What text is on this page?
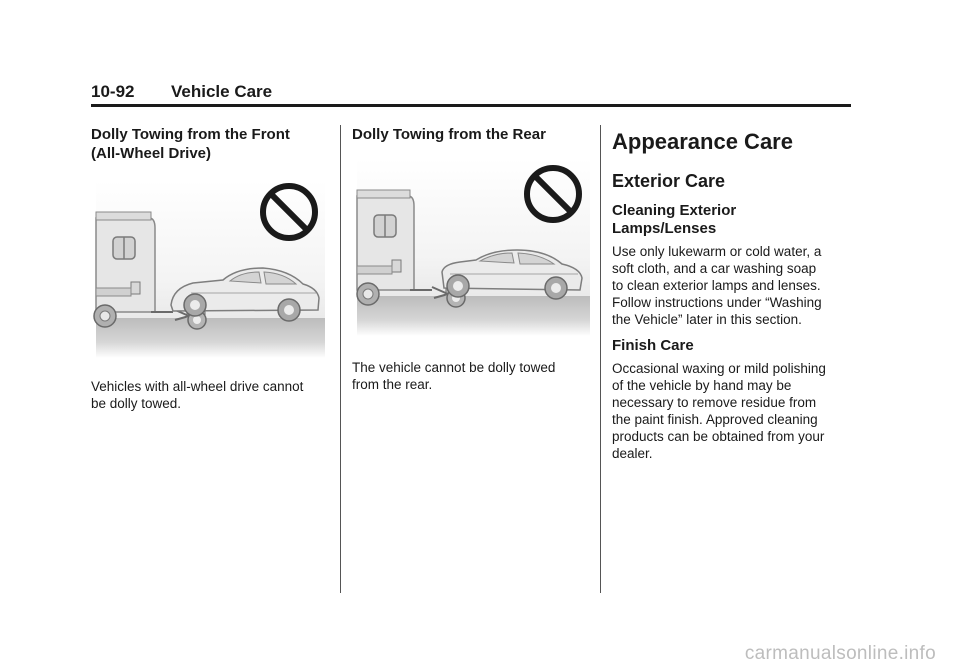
10-92 Vehicle Care
Dolly Towing from the Front
(All-Wheel Drive)

Vehicles with all-wheel drive cannot
be dolly towed.

Dolly Towing from the Rear

The vehicle cannot be dolly towed
from the rear.

Appearance Care
Exterior Care
Cleaning Exterior
Lamps/Lenses

Use only lukewarm or cold water, a
soft cloth, and a car washing soap
to clean exterior lamps and lenses.
Follow instructions under “Washing
the Vehicle” later in this section.

Finish Care

Occasional waxing or mild polishing
of the vehicle by hand may be
necessary to remove residue from
the paint finish. Approved cleaning
products can be obtained from your
dealer.

carmanualsonline.info
